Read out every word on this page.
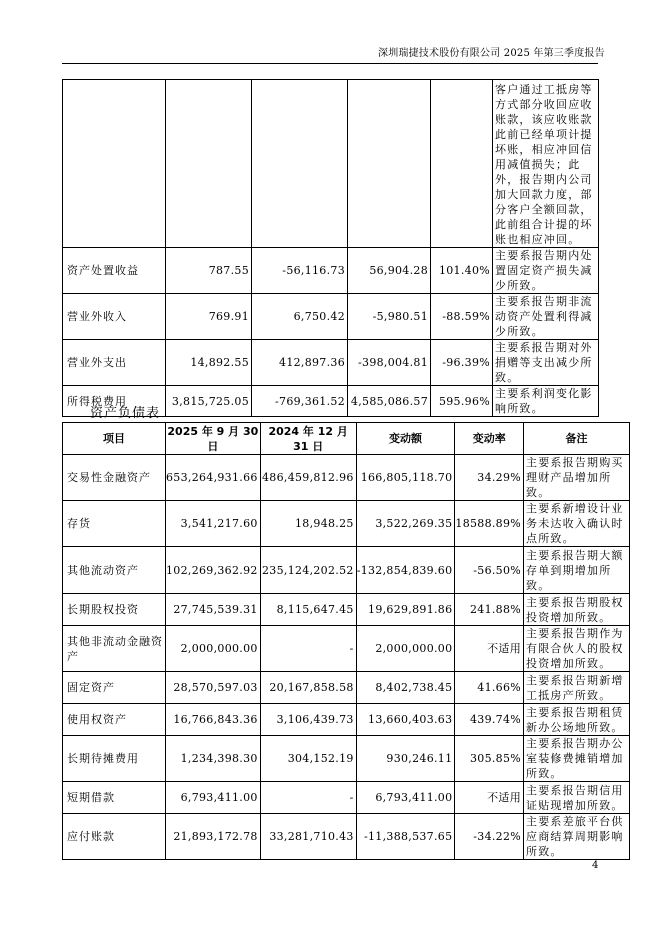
深圳瑞捷技术股份有限公司 2025 年第三季度报告
					客户通过工抵房等方式部分收回应收账款，该应收账款此前已经单项计提坏账，相应冲回信用减值损失；此外，报告期内公司加大回款力度，部分客户全额回款，此前组合计提的坏账也相应冲回。
资产处置收益	787.55	-56,116.73	56,904.28	101.40%	主要系报告期内处置固定资产损失减少所致。
营业外收入	769.91	6,750.42	-5,980.51	-88.59%	主要系报告期非流动资产处置利得减少所致。
营业外支出	14,892.55	412,897.36	-398,004.81	-96.39%	主要系报告期对外捐赠等支出减少所致。
所得税费用	3,815,725.05	-769,361.52	4,585,086.57	595.96%	主要系利润变化影响所致。
资产负债表
项目	2025 年 9 月 30 日	2024 年 12 月 31 日	变动额	变动率	备注
交易性金融资产	653,264,931.66	486,459,812.96	166,805,118.70	34.29%	主要系报告期购买理财产品增加所致。
存货	3,541,217.60	18,948.25	3,522,269.35	18588.89%	主要系新增设计业务未达收入确认时点所致。
其他流动资产	102,269,362.92	235,124,202.52	-132,854,839.60	-56.50%	主要系报告期大额存单到期增加所致。
长期股权投资	27,745,539.31	8,115,647.45	19,629,891.86	241.88%	主要系报告期股权投资增加所致。
其他非流动金融资产	2,000,000.00	-	2,000,000.00	不适用	主要系报告期作为有限合伙人的股权投资增加所致。
固定资产	28,570,597.03	20,167,858.58	8,402,738.45	41.66%	主要系报告期新增工抵房产所致。
使用权资产	16,766,843.36	3,106,439.73	13,660,403.63	439.74%	主要系报告期租赁新办公场地所致。
长期待摊费用	1,234,398.30	304,152.19	930,246.11	305.85%	主要系报告期办公室装修费摊销增加所致。
短期借款	6,793,411.00	-	6,793,411.00	不适用	主要系报告期信用证贴现增加所致。
应付账款	21,893,172.78	33,281,710.43	-11,388,537.65	-34.22%	主要系差旅平台供应商结算周期影响所致。
4
